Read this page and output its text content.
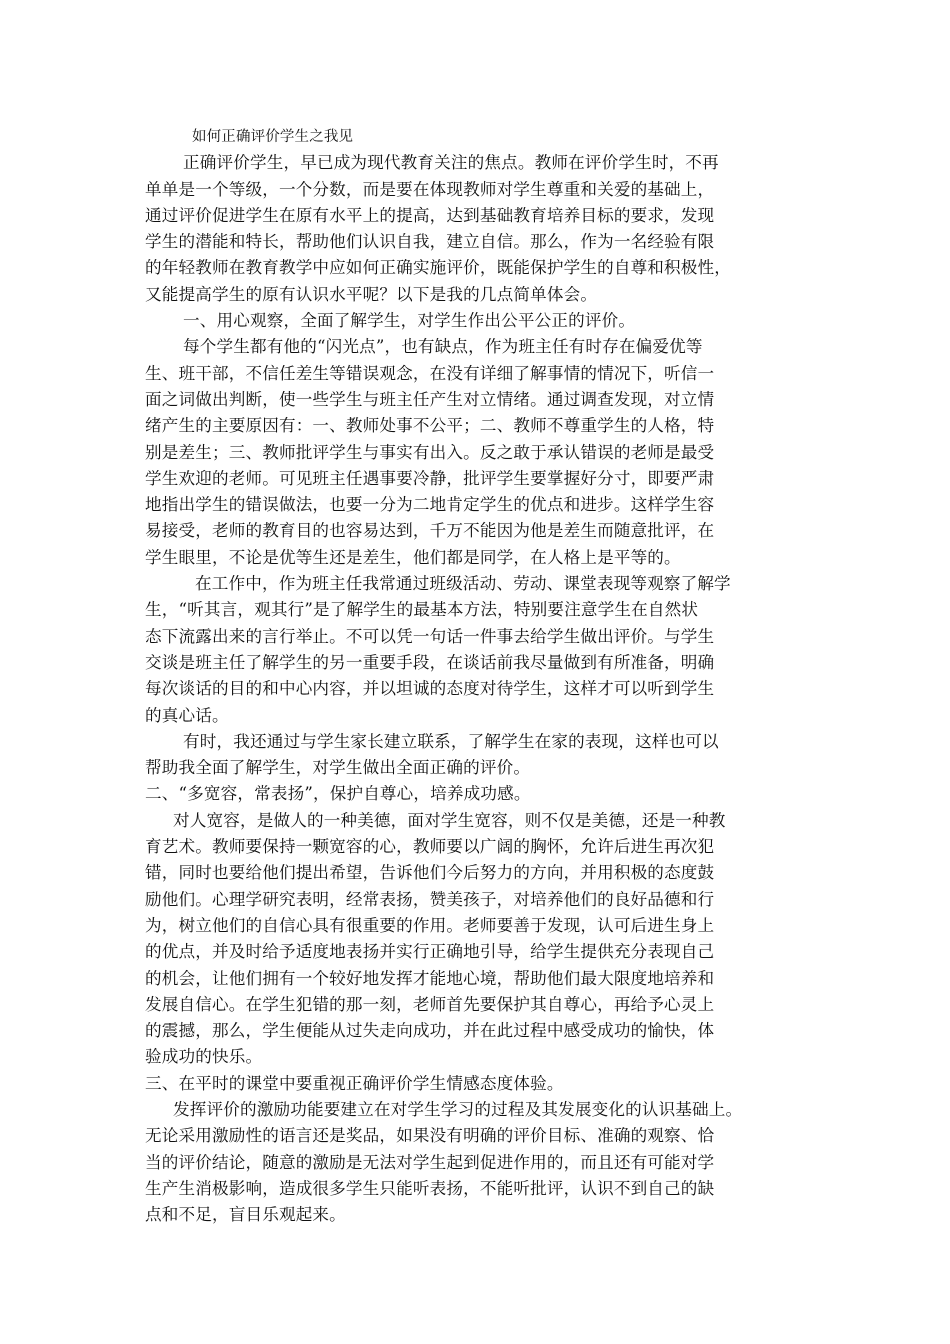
如何正确评价学生之我见
正确评价学生，早已成为现代教育关注的焦点。教师在评价学生时，不再
单单是一个等级，一个分数，而是要在体现教师对学生尊重和关爱的基础上，
通过评价促进学生在原有水平上的提高，达到基础教育培养目标的要求，发现
学生的潜能和特长，帮助他们认识自我，建立自信。那么，作为一名经验有限
的年轻教师在教育教学中应如何正确实施评价，既能保护学生的自尊和积极性，
又能提高学生的原有认识水平呢？以下是我的几点简单体会。
一、用心观察，全面了解学生，对学生作出公平公正的评价。
每个学生都有他的“闪光点”，也有缺点，作为班主任有时存在偏爱优等
生、班干部，不信任差生等错误观念，在没有详细了解事情的情况下，听信一
面之词做出判断，使一些学生与班主任产生对立情绪。通过调查发现，对立情
绪产生的主要原因有：一、教师处事不公平；二、教师不尊重学生的人格，特
别是差生；三、教师批评学生与事实有出入。反之敢于承认错误的老师是最受
学生欢迎的老师。可见班主任遇事要冷静，批评学生要掌握好分寸，即要严肃
地指出学生的错误做法，也要一分为二地肯定学生的优点和进步。这样学生容
易接受，老师的教育目的也容易达到，千万不能因为他是差生而随意批评，在
学生眼里，不论是优等生还是差生，他们都是同学，在人格上是平等的。
在工作中，作为班主任我常通过班级活动、劳动、课堂表现等观察了解学
生，“听其言，观其行”是了解学生的最基本方法，特别要注意学生在自然状
态下流露出来的言行举止。不可以凭一句话一件事去给学生做出评价。与学生
交谈是班主任了解学生的另一重要手段，在谈话前我尽量做到有所准备，明确
每次谈话的目的和中心内容，并以坦诚的态度对待学生，这样才可以听到学生
的真心话。
有时，我还通过与学生家长建立联系，了解学生在家的表现，这样也可以
帮助我全面了解学生，对学生做出全面正确的评价。
二、“多宽容，常表扬”，保护自尊心，培养成功感。
对人宽容，是做人的一种美德，面对学生宽容，则不仅是美德，还是一种教
育艺术。教师要保持一颗宽容的心，教师要以广阔的胸怀，允许后进生再次犯
错，同时也要给他们提出希望，告诉他们今后努力的方向，并用积极的态度鼓
励他们。心理学研究表明，经常表扬，赞美孩子，对培养他们的良好品德和行
为，树立他们的自信心具有很重要的作用。老师要善于发现，认可后进生身上
的优点，并及时给予适度地表扬并实行正确地引导，给学生提供充分表现自己
的机会，让他们拥有一个较好地发挥才能地心境，帮助他们最大限度地培养和
发展自信心。在学生犯错的那一刻，老师首先要保护其自尊心，再给予心灵上
的震撼，那么，学生便能从过失走向成功，并在此过程中感受成功的愉快，体
验成功的快乐。
三、在平时的课堂中要重视正确评价学生情感态度体验。
发挥评价的激励功能要建立在对学生学习的过程及其发展变化的认识基础上。
无论采用激励性的语言还是奖品，如果没有明确的评价目标、准确的观察、恰
当的评价结论，随意的激励是无法对学生起到促进作用的，而且还有可能对学
生产生消极影响，造成很多学生只能听表扬，不能听批评，认识不到自己的缺
点和不足，盲目乐观起来。
